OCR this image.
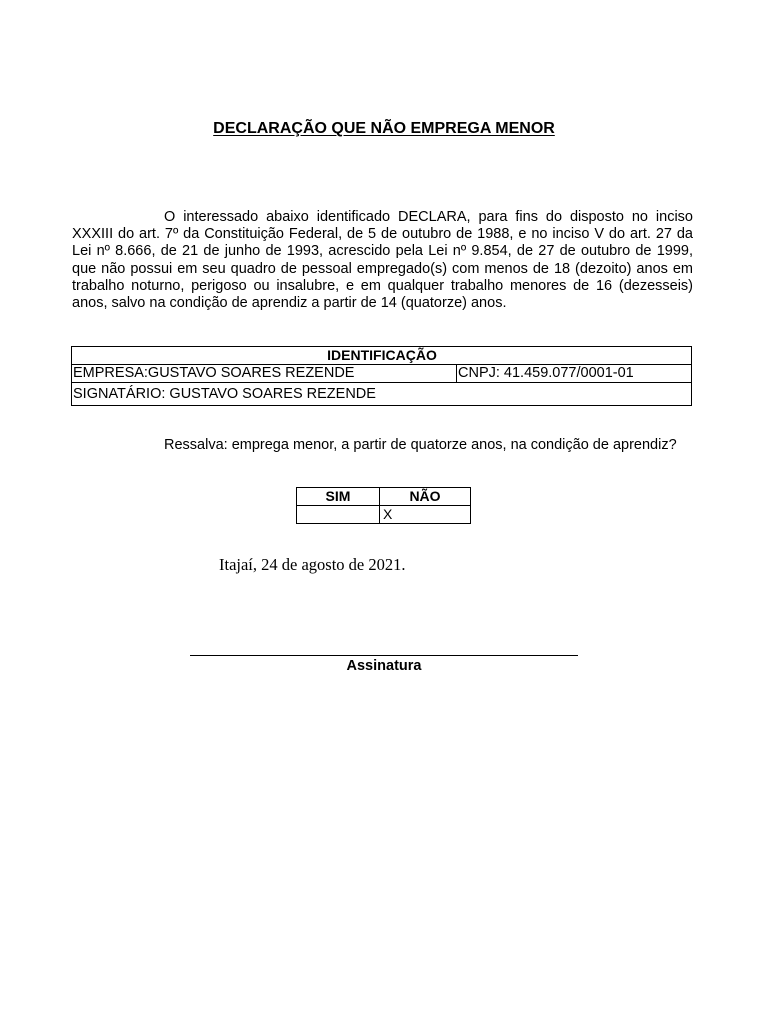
DECLARAÇÃO QUE NÃO EMPREGA MENOR

O interessado abaixo identificado DECLARA, para fins do disposto no inciso XXXIII do art. 7º da Constituição Federal, de 5 de outubro de 1988, e no inciso V do art. 27 da Lei nº 8.666, de 21 de junho de 1993, acrescido pela Lei nº 9.854, de 27 de outubro de 1999, que não possui em seu quadro de pessoal empregado(s) com menos de 18 (dezoito) anos em trabalho noturno, perigoso ou insalubre, e em qualquer trabalho menores de 16 (dezesseis) anos, salvo na condição de aprendiz a partir de 14 (quatorze) anos.

IDENTIFICAÇÃO
EMPRESA:GUSTAVO SOARES REZENDE	CNPJ: 41.459.077/0001-01
SIGNATÁRIO: GUSTAVO SOARES REZENDE

Ressalva: emprega menor, a partir de quatorze anos, na condição de aprendiz?

SIM	NÃO
	X
Itajaí, 24 de agosto de 2021.
Assinatura
